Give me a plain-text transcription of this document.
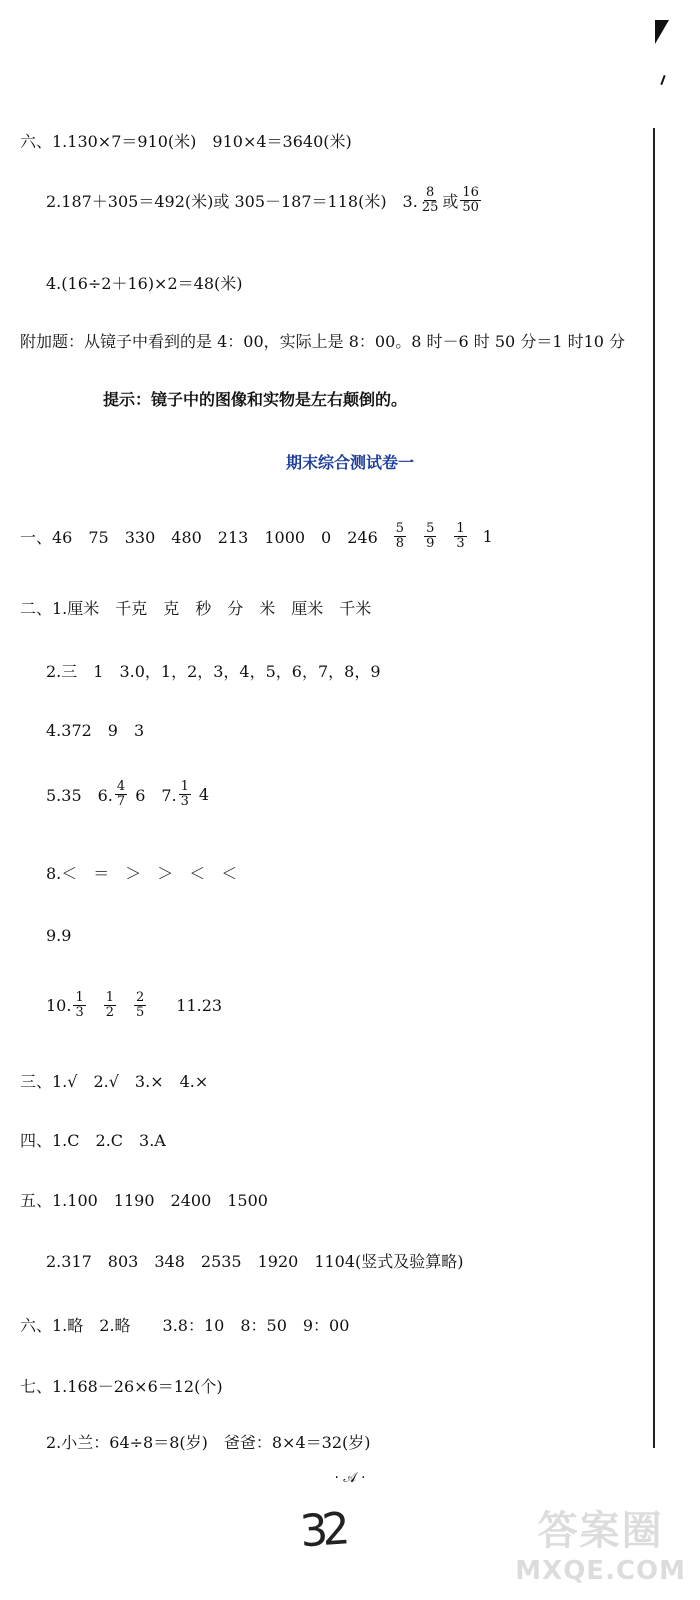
六、1.130×7＝910(米)　910×4＝3640(米)
2.187＋305＝492(米)或 305－187＝118(米)　3. $\frac{8}{25}$ 或 $\frac{16}{50}$
4.(16÷2＋16)×2＝48(米)
附加题：从镜子中看到的是 4：00，实际上是 8：00。8 时－6 时 50 分＝1 时10 分
提示：镜子中的图像和实物是左右颠倒的。
期末综合测试卷一
一、46　75　330　480　213　1000　0　$246 \frac{5}{8} \frac{5}{9} \frac{1}{3} 1$
二、1.厘米　千克　克　秒　分　米　厘米　千米
2.三　1　3.0，1，2，3，4，5，6，7，8，9
4.372　9　3
5.35　6. $\frac{4}{7} 6$　7. $\frac{1}{3} 4$
8.＜　＝　＞　＞　＜　＜
9.9
10. $\frac{1}{3} \frac{1}{2} \frac{2}{5} 11.23$
三、1.√　2.√　3.×　4.×
四、1.C　2.C　3.A
五、1.100　1190　2400　1500
2.317　803　348　2535　1920　1104(竖式及验算略)
六、1.略　2.略　　3.8：10　8：50　9：00
七、1.168－26×6＝12(个)
2.小兰：64÷8＝8(岁)　爸爸：8×4＝32(岁)
· 𝒜 ·
32	答案圈
MXQE.COM
